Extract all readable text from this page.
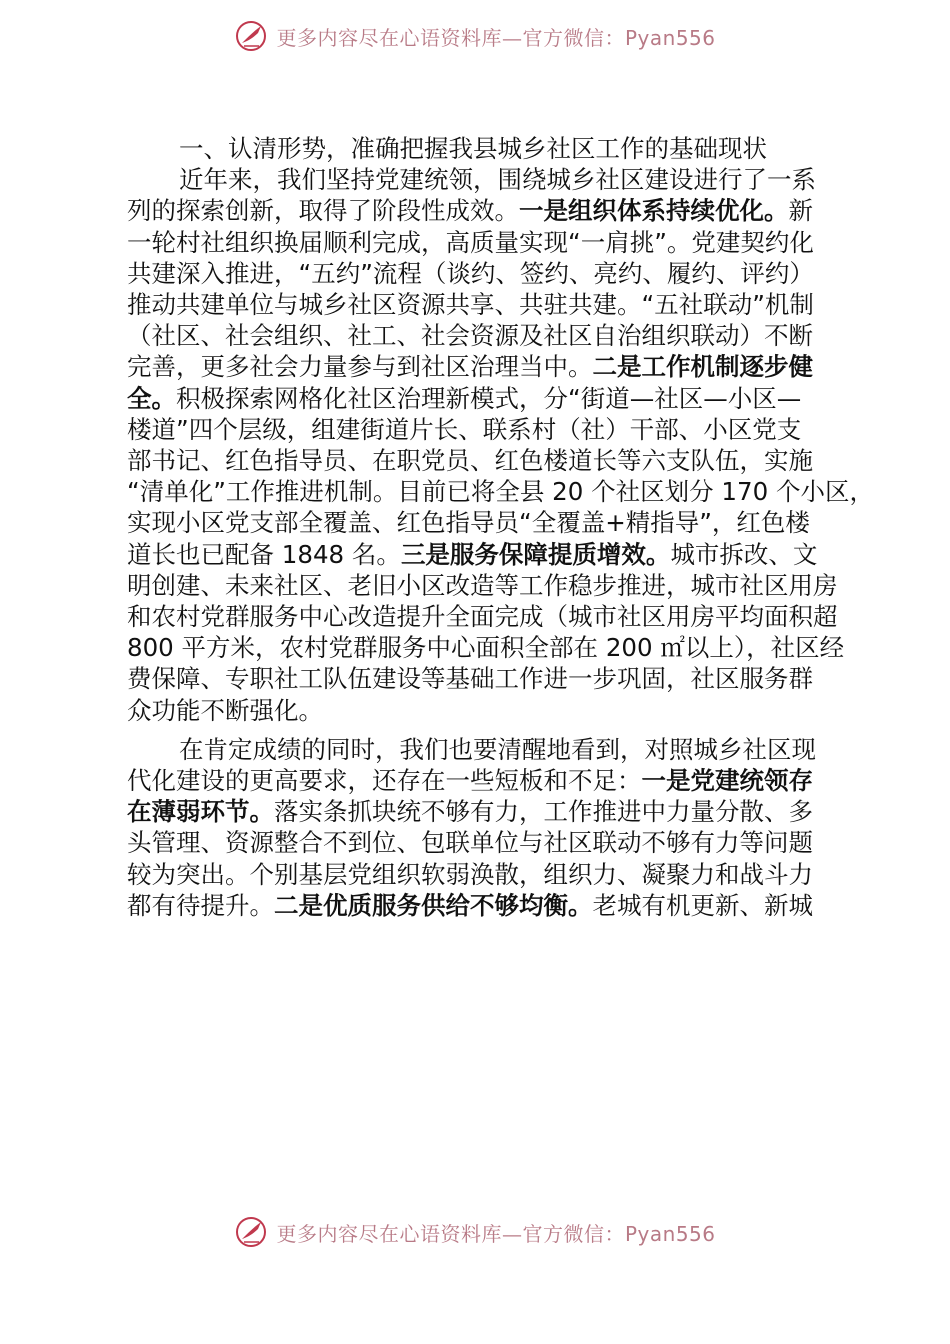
更多内容尽在心语资料库—官方微信：Pyan556

一、认清形势，准确把握我县城乡社区工作的基础现状

近年来，我们坚持党建统领，围绕城乡社区建设进行了一系
列的探索创新，取得了阶段性成效。一是组织体系持续优化。新
一轮村社组织换届顺利完成，高质量实现“一肩挑”。党建契约化
共建深入推进，“五约”流程（谈约、签约、亮约、履约、评约）
推动共建单位与城乡社区资源共享、共驻共建。“五社联动”机制
（社区、社会组织、社工、社会资源及社区自治组织联动）不断
完善，更多社会力量参与到社区治理当中。二是工作机制逐步健
全。积极探索网格化社区治理新模式，分“街道—社区—小区—
楼道”四个层级，组建街道片长、联系村（社）干部、小区党支
部书记、红色指导员、在职党员、红色楼道长等六支队伍，实施
“清单化”工作推进机制。目前已将全县 20 个社区划分 170 个小区，
实现小区党支部全覆盖、红色指导员“全覆盖+精指导”，红色楼
道长也已配备 1848 名。三是服务保障提质增效。城市拆改、文
明创建、未来社区、老旧小区改造等工作稳步推进，城市社区用房
和农村党群服务中心改造提升全面完成（城市社区用房平均面积超
800 平方米，农村党群服务中心面积全部在 200 ㎡以上），社区经
费保障、专职社工队伍建设等基础工作进一步巩固，社区服务群
众功能不断强化。

在肯定成绩的同时，我们也要清醒地看到，对照城乡社区现
代化建设的更高要求，还存在一些短板和不足：一是党建统领存
在薄弱环节。落实条抓块统不够有力，工作推进中力量分散、多
头管理、资源整合不到位、包联单位与社区联动不够有力等问题
较为突出。个别基层党组织软弱涣散，组织力、凝聚力和战斗力
都有待提升。二是优质服务供给不够均衡。老城有机更新、新城

更多内容尽在心语资料库—官方微信：Pyan556
